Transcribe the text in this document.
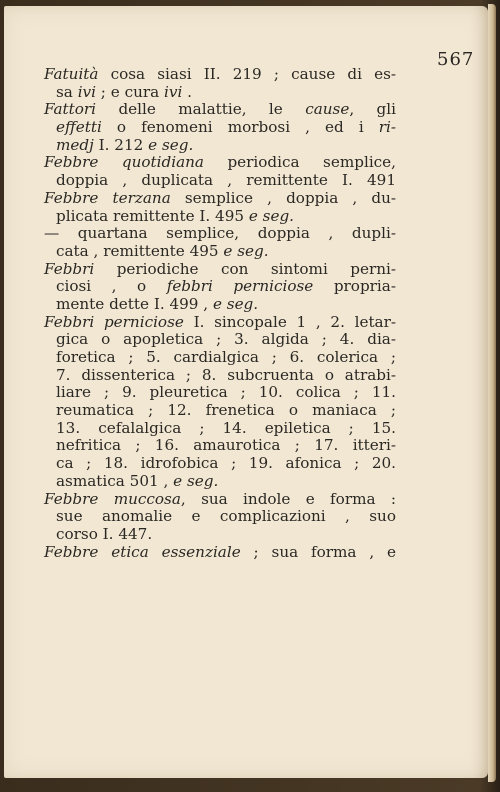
567
Fatuità cosa siasi II. 219 ; cause di es-
sa ivi ; e cura ivi .
Fattori delle malattie, le cause, gli
effetti o fenomeni morbosi , ed i ri-
medj I. 212 e seg.
Febbre quotidiana periodica semplice,
doppia , duplicata , remittente I. 491
Febbre terzana semplice , doppia , du-
plicata remittente I. 495 e seg.
— quartana semplice, doppia , dupli-
cata , remittente 495 e seg.
Febbri periodiche con sintomi perni-
ciosi , o febbri perniciose propria-
mente dette I. 499 , e seg.
Febbri perniciose I. sincopale 1 , 2. letar-
gica o apopletica ; 3. algida ; 4. dia-
foretica ; 5. cardialgica ; 6. colerica ;
7. dissenterica ; 8. subcruenta o atrabi-
liare ; 9. pleuretica ; 10. colica ; 11.
reumatica ; 12. frenetica o maniaca ;
13. cefalalgica ; 14. epiletica ; 15.
nefritica ; 16. amaurotica ; 17. itteri-
ca ; 18. idrofobica ; 19. afonica ; 20.
asmatica 501 , e seg.
Febbre muccosa, sua indole e forma :
sue anomalie e complicazioni , suo
corso I. 447.
Febbre etica essenziale ; sua forma , e
